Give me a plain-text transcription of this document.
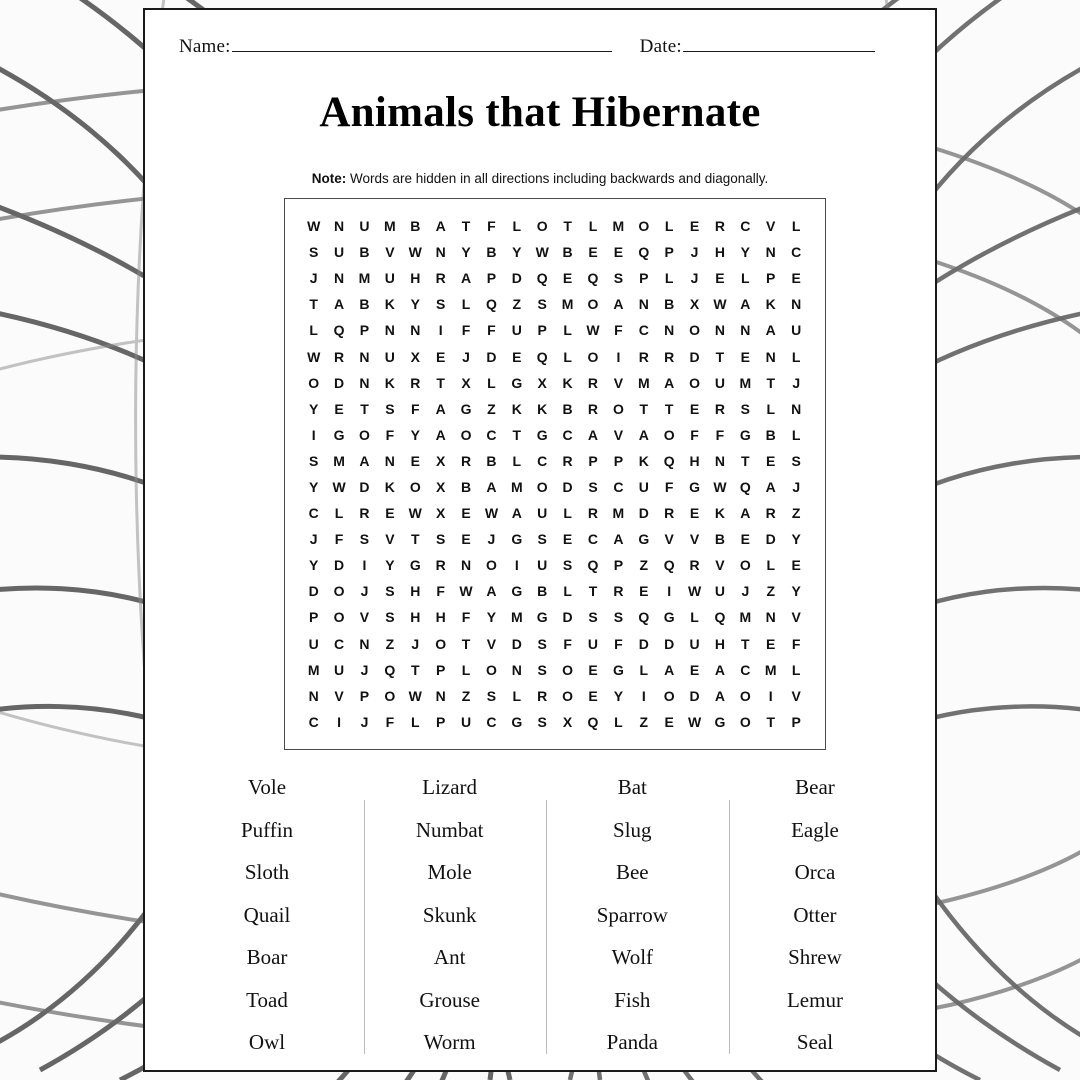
Name:	Date:
Animals that Hibernate
Note: Words are hidden in all directions including backwards and diagonally.
W	N	U	M	B	A	T	F	L	O	T	L	M	O	L	E	R	C	V	L
S	U	B	V	W	N	Y	B	Y	W	B	E	E	Q	P	J	H	Y	N	C
J	N	M	U	H	R	A	P	D	Q	E	Q	S	P	L	J	E	L	P	E
T	A	B	K	Y	S	L	Q	Z	S	M	O	A	N	B	X	W	A	K	N
L	Q	P	N	N	I	F	F	U	P	L	W	F	C	N	O	N	N	A	U
W	R	N	U	X	E	J	D	E	Q	L	O	I	R	R	D	T	E	N	L
O	D	N	K	R	T	X	L	G	X	K	R	V	M	A	O	U	M	T	J
Y	E	T	S	F	A	G	Z	K	K	B	R	O	T	T	E	R	S	L	N
I	G	O	F	Y	A	O	C	T	G	C	A	V	A	O	F	F	G	B	L
S	M	A	N	E	X	R	B	L	C	R	P	P	K	Q	H	N	T	E	S
Y	W	D	K	O	X	B	A	M	O	D	S	C	U	F	G	W	Q	A	J
C	L	R	E	W	X	E	W	A	U	L	R	M	D	R	E	K	A	R	Z
J	F	S	V	T	S	E	J	G	S	E	C	A	G	V	V	B	E	D	Y
Y	D	I	Y	G	R	N	O	I	U	S	Q	P	Z	Q	R	V	O	L	E
D	O	J	S	H	F	W	A	G	B	L	T	R	E	I	W	U	J	Z	Y
P	O	V	S	H	H	F	Y	M	G	D	S	S	Q	G	L	Q	M	N	V
U	C	N	Z	J	O	T	V	D	S	F	U	F	D	D	U	H	T	E	F
M	U	J	Q	T	P	L	O	N	S	O	E	G	L	A	E	A	C	M	L
N	V	P	O	W	N	Z	S	L	R	O	E	Y	I	O	D	A	O	I	V
C	I	J	F	L	P	U	C	G	S	X	Q	L	Z	E	W	G	O	T	P
Vole
Puffin
Sloth
Quail
Boar
Toad
Owl
Lizard
Numbat
Mole
Skunk
Ant
Grouse
Worm
Bat
Slug
Bee
Sparrow
Wolf
Fish
Panda
Bear
Eagle
Orca
Otter
Shrew
Lemur
Seal
